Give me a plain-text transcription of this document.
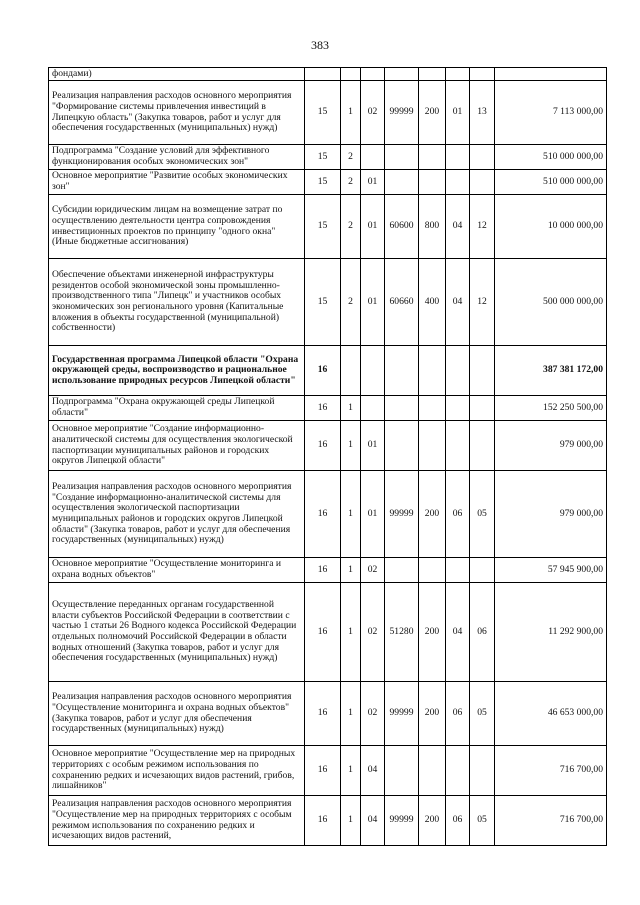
383
фондами)								
Реализация направления расходов основного мероприятия "Формирование системы привлечения инвестиций в Липецкую область" (Закупка товаров, работ и услуг для обеспечения государственных (муниципальных) нужд)	15	1	02	99999	200	01	13	7 113 000,00
Подпрограмма "Создание условий для эффективного функционирования особых экономических зон"	15	2						510 000 000,00
Основное мероприятие "Развитие особых экономических зон"	15	2	01					510 000 000,00
Субсидии юридическим лицам на возмещение затрат по осуществлению деятельности центра сопровождения инвестиционных проектов по принципу "одного окна" (Иные бюджетные ассигнования)	15	2	01	60600	800	04	12	10 000 000,00
Обеспечение объектами инженерной инфраструктуры резидентов особой экономической зоны промышленно-производственного типа "Липецк" и участников особых экономических зон регионального уровня (Капитальные вложения в объекты государственной (муниципальной) собственности)	15	2	01	60660	400	04	12	500 000 000,00
Государственная программа Липецкой области "Охрана окружающей среды, воспроизводство и рациональное использование природных ресурсов Липецкой области"	16							387 381 172,00
Подпрограмма "Охрана окружающей среды Липецкой области"	16	1						152 250 500,00
Основное мероприятие "Создание информационно-аналитической системы для осуществления экологической паспортизации муниципальных районов и городских округов Липецкой области"	16	1	01					979 000,00
Реализация направления расходов основного мероприятия "Создание информационно-аналитической системы для осуществления экологической паспортизации муниципальных районов и городских округов Липецкой области" (Закупка товаров, работ и услуг для обеспечения государственных (муниципальных) нужд)	16	1	01	99999	200	06	05	979 000,00
Основное мероприятие "Осуществление мониторинга и охрана водных объектов"	16	1	02					57 945 900,00
Осуществление переданных органам государственной власти субъектов Российской Федерации в соответствии с частью 1 статьи 26 Водного кодекса Российской Федерации отдельных полномочий Российской Федерации в области водных отношений (Закупка товаров, работ и услуг для обеспечения государственных (муниципальных) нужд)	16	1	02	51280	200	04	06	11 292 900,00
Реализация направления расходов основного мероприятия "Осуществление мониторинга и охрана водных объектов" (Закупка товаров, работ и услуг для обеспечения государственных (муниципальных) нужд)	16	1	02	99999	200	06	05	46 653 000,00
Основное мероприятие "Осуществление мер на природных территориях с особым режимом использования по сохранению редких и исчезающих видов растений, грибов, лишайников"	16	1	04					716 700,00
Реализация направления расходов основного мероприятия "Осуществление мер на природных территориях с особым режимом использования по сохранению редких и исчезающих видов растений,	16	1	04	99999	200	06	05	716 700,00
